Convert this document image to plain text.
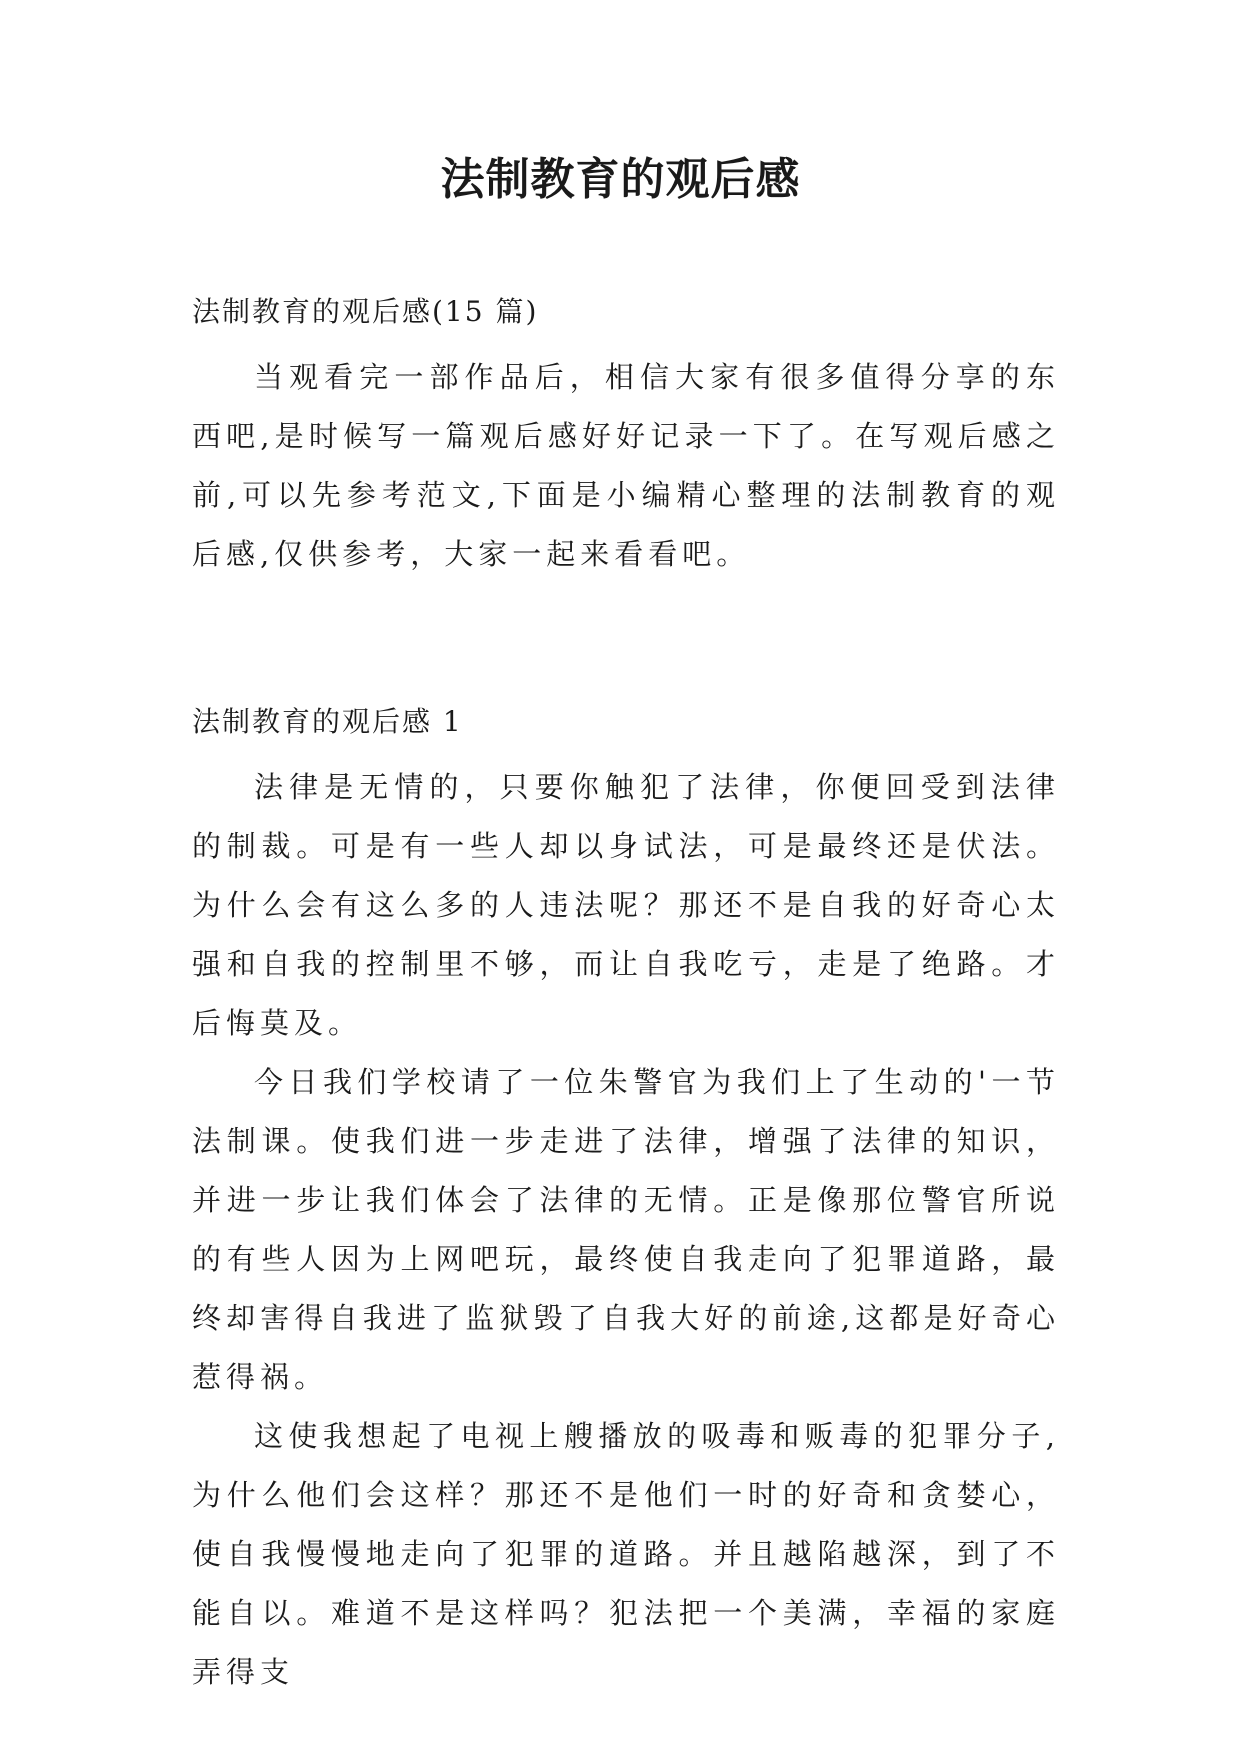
法制教育的观后感
法制教育的观后感(15 篇)

当观看完一部作品后，相信大家有很多值得分享的东西吧,是时候写一篇观后感好好记录一下了。在写观后感之前,可以先参考范文,下面是小编精心整理的法制教育的观后感,仅供参考，大家一起来看看吧。

法制教育的观后感 1

法律是无情的，只要你触犯了法律，你便回受到法律的制裁。可是有一些人却以身试法，可是最终还是伏法。为什么会有这么多的人违法呢？那还不是自我的好奇心太强和自我的控制里不够，而让自我吃亏，走是了绝路。才后悔莫及。

今日我们学校请了一位朱警官为我们上了生动的'一节法制课。使我们进一步走进了法律，增强了法律的知识，并进一步让我们体会了法律的无情。正是像那位警官所说的有些人因为上网吧玩，最终使自我走向了犯罪道路，最终却害得自我进了监狱毁了自我大好的前途,这都是好奇心惹得祸。

这使我想起了电视上艘播放的吸毒和贩毒的犯罪分子,为什么他们会这样？那还不是他们一时的好奇和贪婪心，使自我慢慢地走向了犯罪的道路。并且越陷越深，到了不能自以。难道不是这样吗？犯法把一个美满，幸福的家庭弄得支
